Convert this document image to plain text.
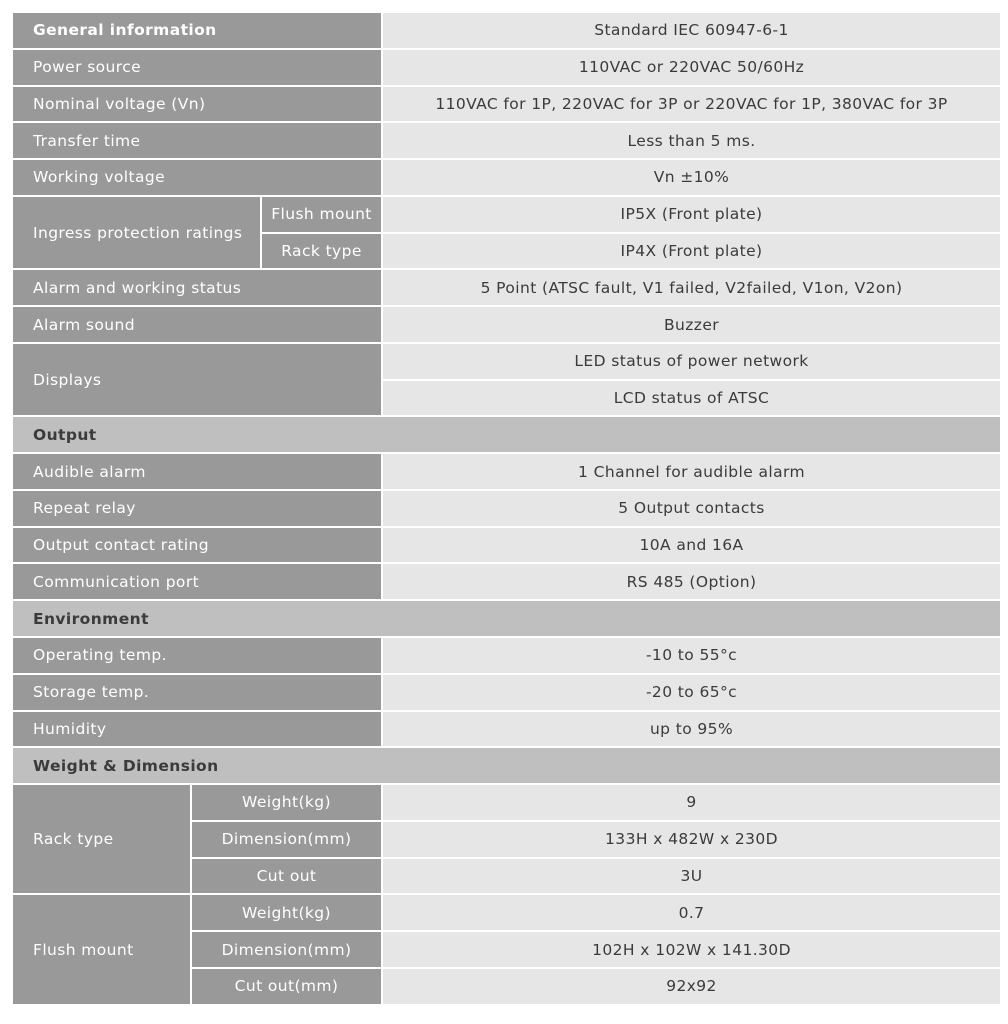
General information			Standard IEC 60947-6-1
Power source			110VAC or 220VAC 50/60Hz
Nominal voltage (Vn)			110VAC for 1P, 220VAC for 3P or 220VAC for 1P, 380VAC for 3P
Transfer time			Less than 5 ms.
Working voltage			Vn ±10%
Ingress protection ratings		Flush mount	IP5X (Front plate)
		Rack type	IP4X (Front plate)
Alarm and working status			5 Point (ATSC fault, V1 failed, V2failed, V1on, V2on)
Alarm sound			Buzzer
Displays			LED status of power network
			LCD status of ATSC
Output			
Audible alarm			1 Channel for audible alarm
Repeat relay			5 Output contacts
Output contact rating			10A and 16A
Communication port			RS 485 (Option)
Environment			
Operating temp.			-10 to 55°c
Storage temp.			-20 to 65°c
Humidity			up to 95%
Weight & Dimension			
Rack type	Weight(kg)		9
	Dimension(mm)		133H x 482W x 230D
	Cut out		3U
Flush mount	Weight(kg)		0.7
	Dimension(mm)		102H x 102W x 141.30D
	Cut out(mm)		92x92
